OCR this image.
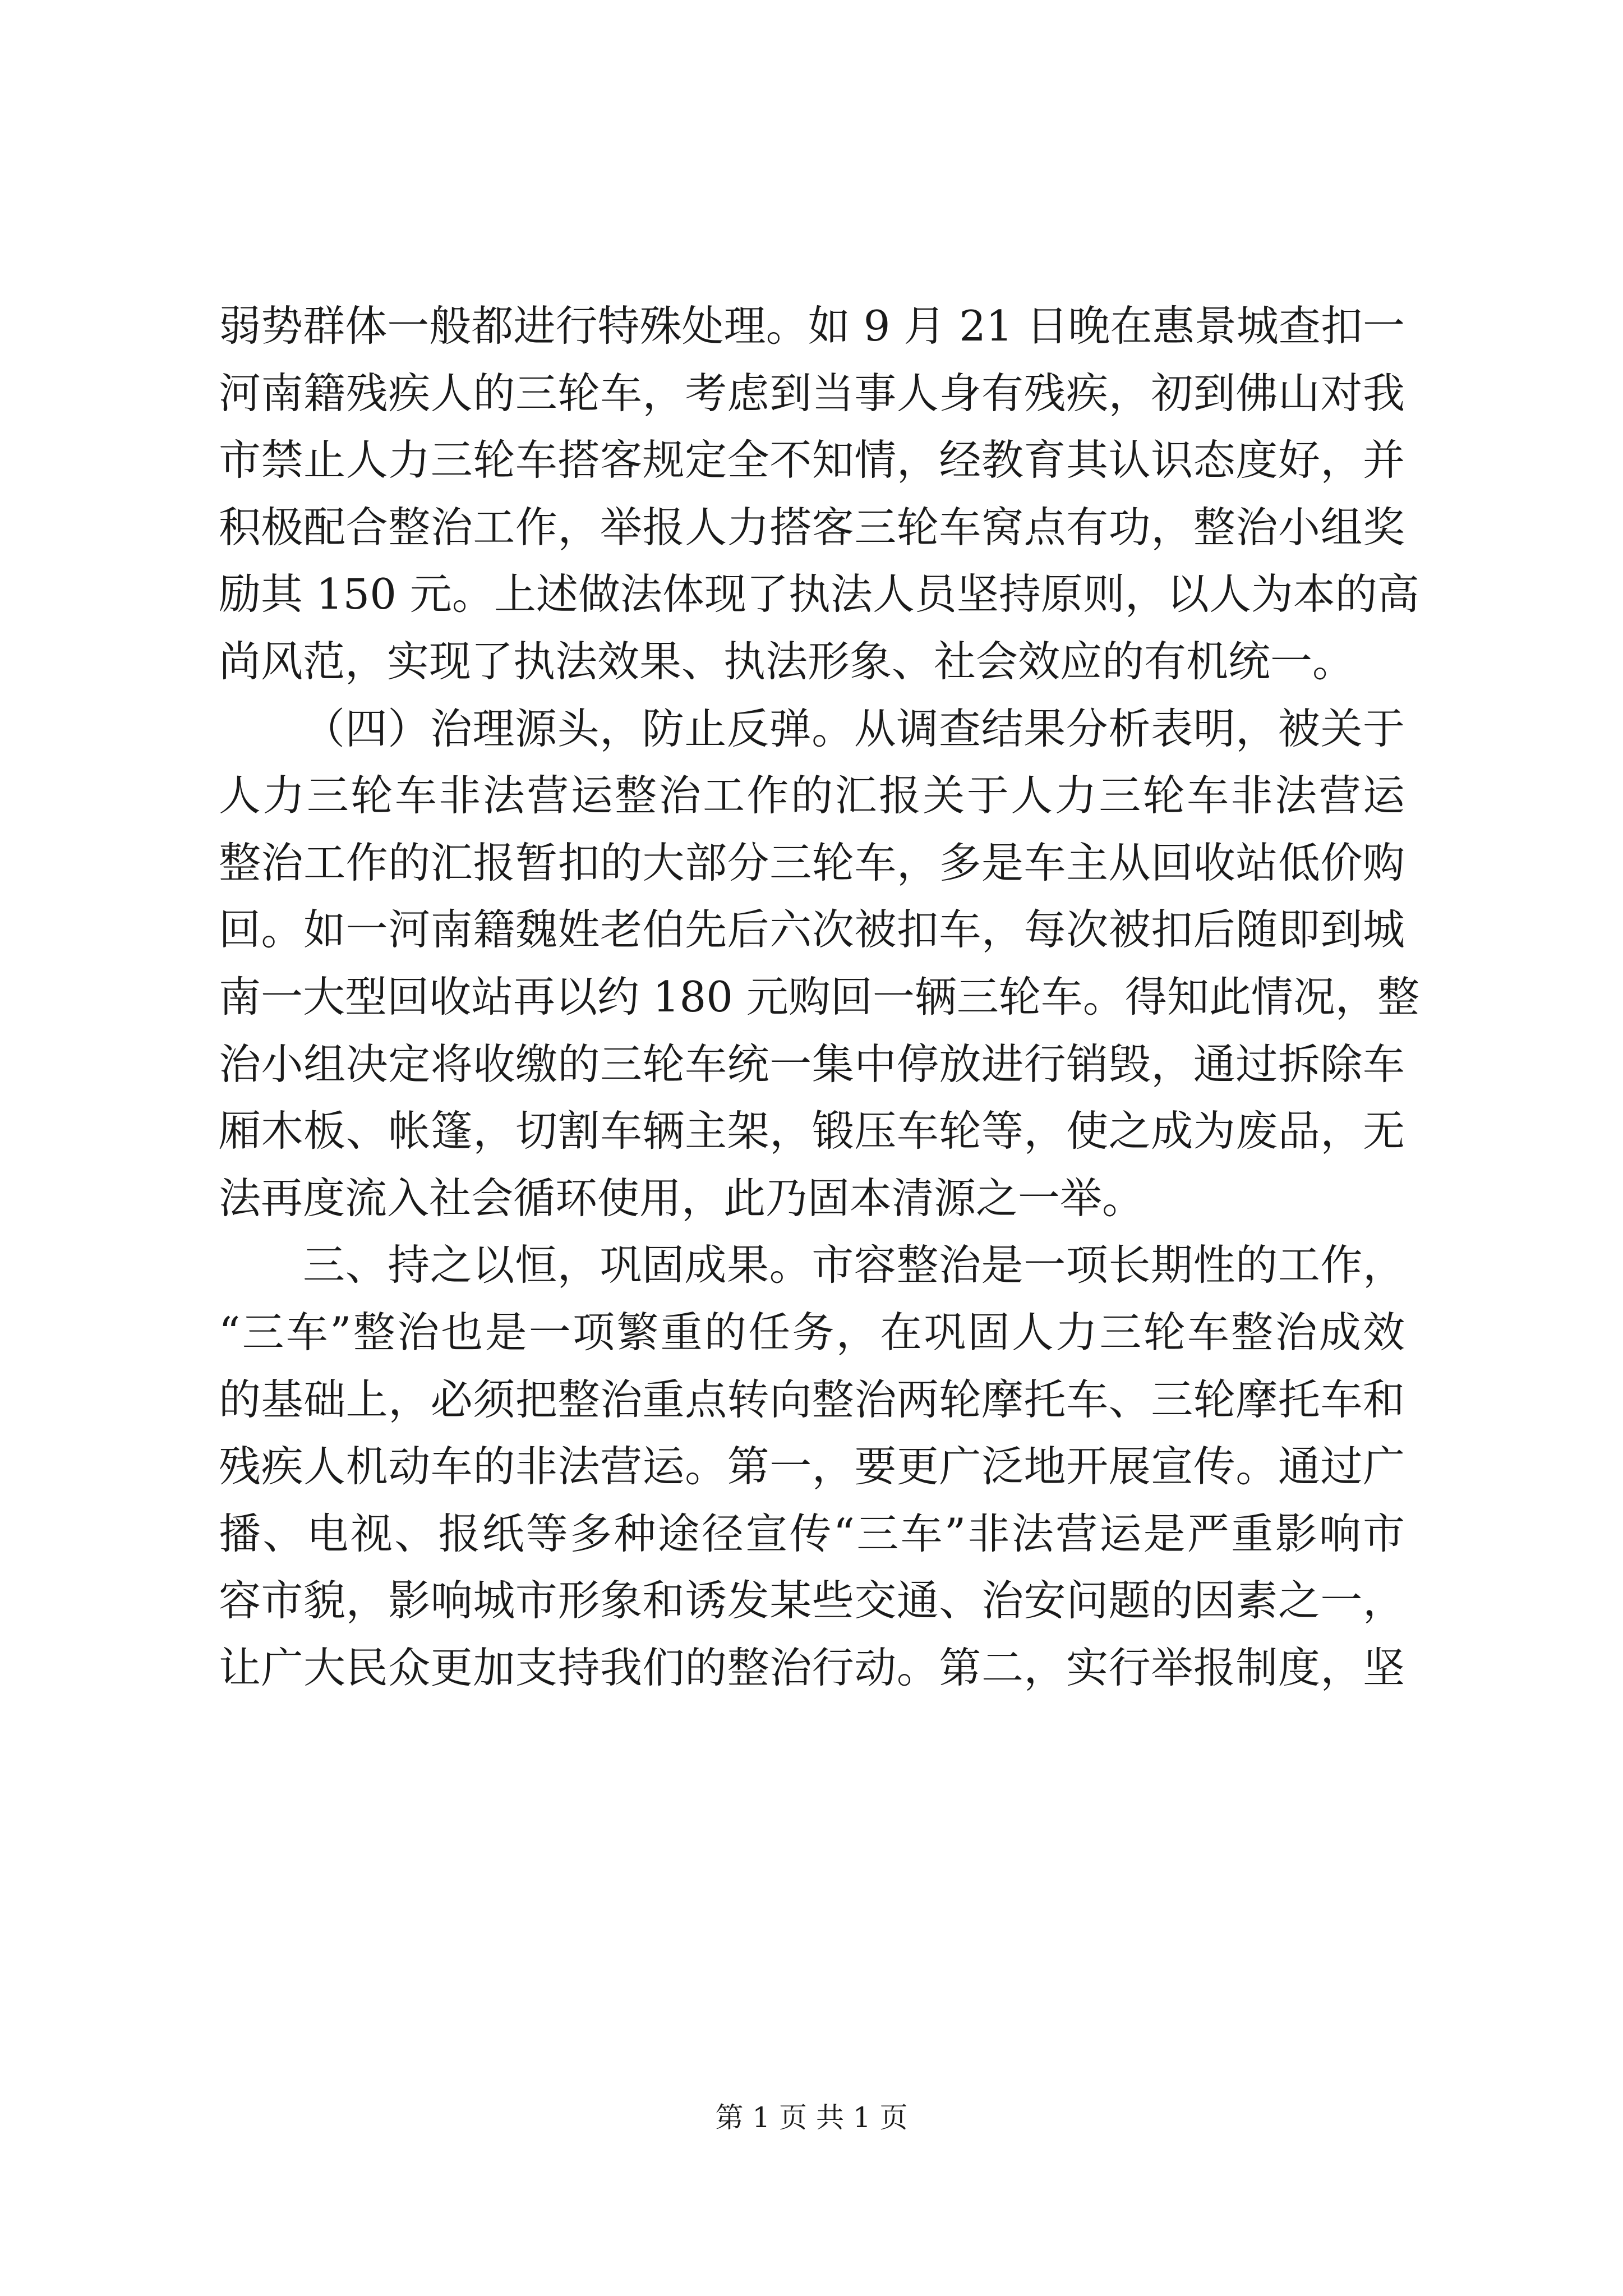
弱势群体一般都进行特殊处理。如 9 月 21 日晚在惠景城查扣一
河南籍残疾人的三轮车，考虑到当事人身有残疾，初到佛山对我
市禁止人力三轮车搭客规定全不知情，经教育其认识态度好，并
积极配合整治工作，举报人力搭客三轮车窝点有功，整治小组奖
励其 150 元。上述做法体现了执法人员坚持原则，以人为本的高
尚风范，实现了执法效果、执法形象、社会效应的有机统一。
（四）治理源头，防止反弹。从调查结果分析表明，被关于
人力三轮车非法营运整治工作的汇报关于人力三轮车非法营运
整治工作的汇报暂扣的大部分三轮车，多是车主从回收站低价购
回。如一河南籍魏姓老伯先后六次被扣车，每次被扣后随即到城
南一大型回收站再以约 180 元购回一辆三轮车。得知此情况，整
治小组决定将收缴的三轮车统一集中停放进行销毁，通过拆除车
厢木板、帐篷，切割车辆主架，锻压车轮等，使之成为废品，无
法再度流入社会循环使用，此乃固本清源之一举。
三、持之以恒，巩固成果。市容整治是一项长期性的工作，
“三车”整治也是一项繁重的任务，在巩固人力三轮车整治成效
的基础上，必须把整治重点转向整治两轮摩托车、三轮摩托车和
残疾人机动车的非法营运。第一，要更广泛地开展宣传。通过广
播、电视、报纸等多种途径宣传“三车”非法营运是严重影响市
容市貌，影响城市形象和诱发某些交通、治安问题的因素之一，
让广大民众更加支持我们的整治行动。第二，实行举报制度，坚
第 1 页 共 1 页
